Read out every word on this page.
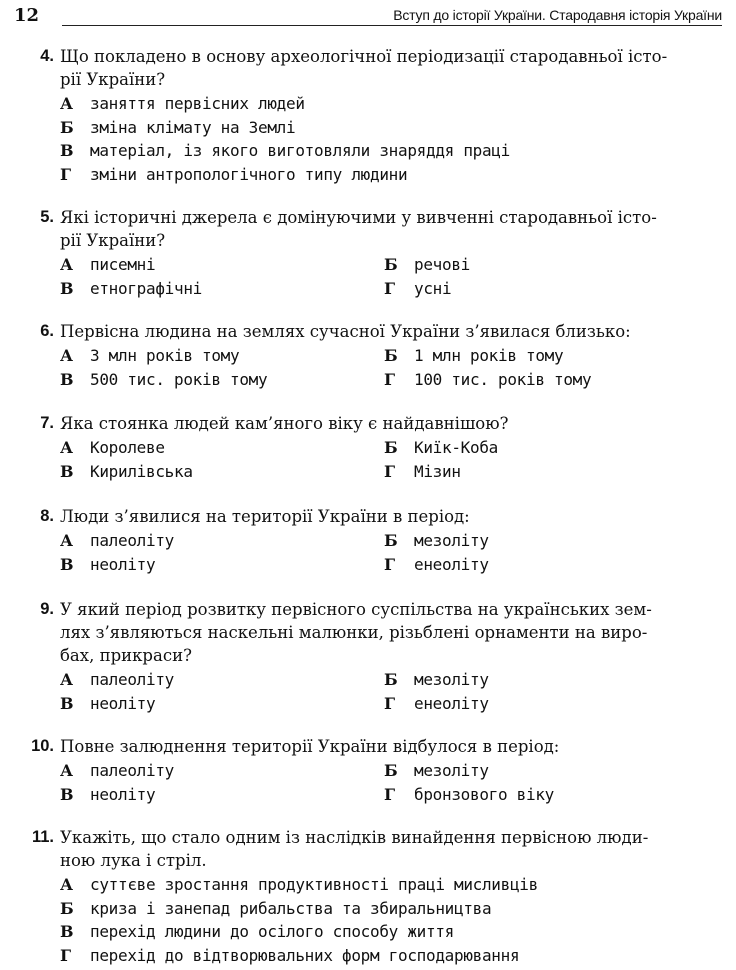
12	Вступ до історії України. Стародавня історія України
4. Що покладено в основу археологічної періодизації стародавньої істо-
рії України?
А заняття первісних людей
Б зміна клімату на Землі
В матеріал, із якого виготовляли знаряддя праці
Г зміни антропологічного типу людини
5. Які історичні джерела є домінуючими у вивченні стародавньої істо-
рії України?
А писемні	Б речові

В етнографічні	Г усні
6. Первісна людина на землях сучасної України з’явилася близько:
А 3 млн років тому	Б 1 млн років тому

В 500 тис. років тому	Г 100 тис. років тому
7. Яка стоянка людей кам’яного віку є найдавнішою?
А Королеве	Б Киїк-Коба

В Кирилівська	Г Мізин
8. Люди з’явилися на території України в період:
А палеоліту	Б мезоліту

В неоліту	Г енеоліту
9. У який період розвитку первісного суспільства на українських зем-
лях з’являються наскельні малюнки, різьблені орнаменти на виро-
бах, прикраси?
А палеоліту	Б мезоліту

В неоліту	Г енеоліту
10. Повне залюднення території України відбулося в період:
А палеоліту	Б мезоліту

В неоліту	Г бронзового віку
11. Укажіть, що стало одним із наслідків винайдення первісною люди-
ною лука і стріл.
А суттєве зростання продуктивності праці мисливців
Б криза і занепад рибальства та збиральництва
В перехід людини до осілого способу життя
Г перехід до відтворювальних форм господарювання
